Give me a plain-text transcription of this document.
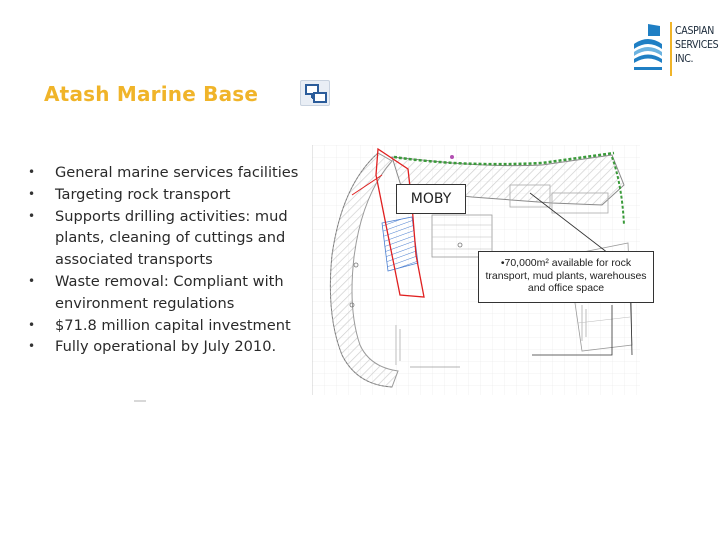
CASPIAN
SERVICES
INC.
Atash Marine Base
•	General marine services facilities
•	Targeting rock transport
•	Supports drilling activities: mud plants, cleaning of cuttings and associated transports
•	Waste removal: Compliant with environment regulations
•	$71.8 million capital investment
•	Fully operational by July 2010.
MOBY
•70,000m² available for rock transport, mud plants, warehouses and office space
